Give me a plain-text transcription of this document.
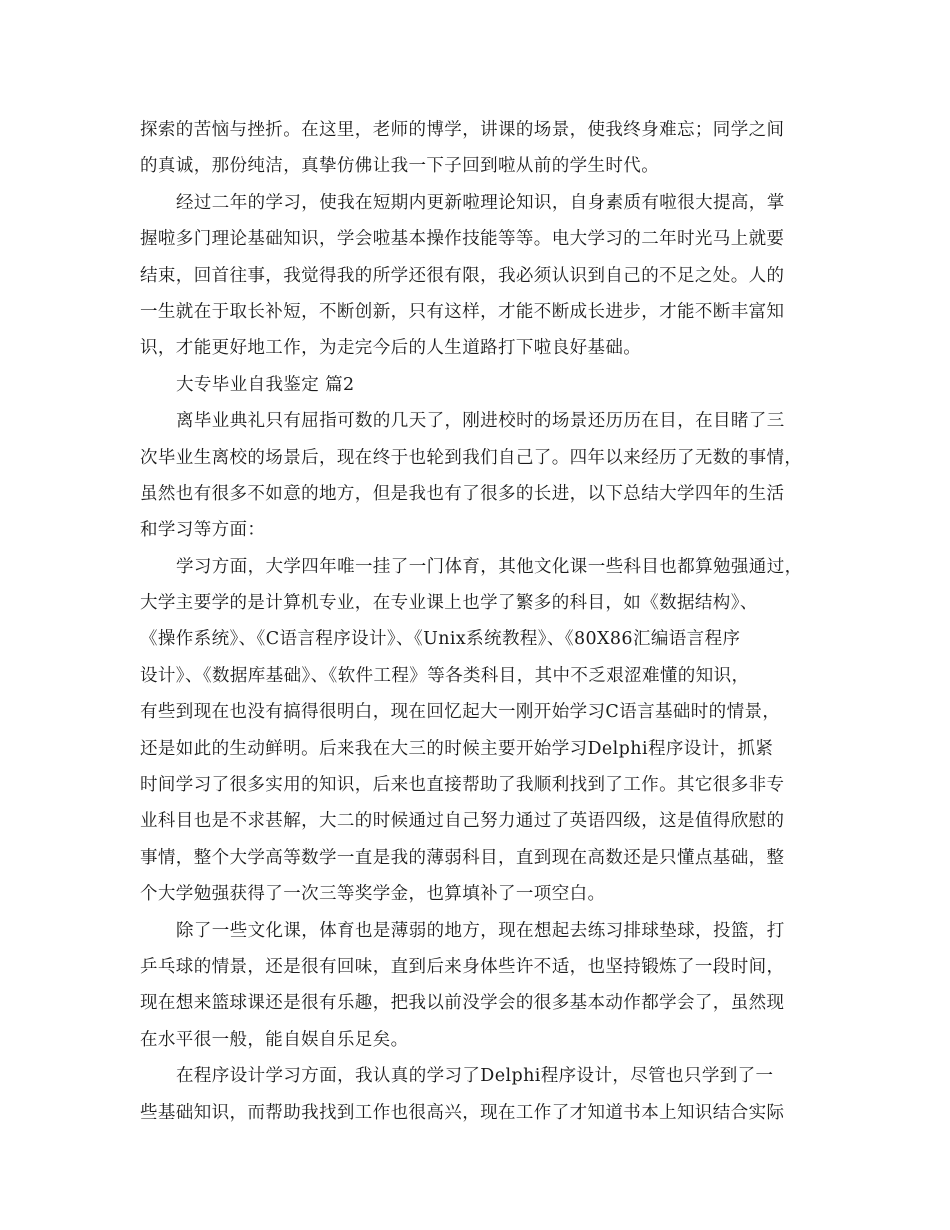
探索的苦恼与挫折。在这里，老师的博学，讲课的场景，使我终身难忘；同学之间
的真诚，那份纯洁，真挚仿佛让我一下子回到啦从前的学生时代。
经过二年的学习，使我在短期内更新啦理论知识，自身素质有啦很大提高，掌
握啦多门理论基础知识，学会啦基本操作技能等等。电大学习的二年时光马上就要
结束，回首往事，我觉得我的所学还很有限，我必须认识到自己的不足之处。人的
一生就在于取长补短，不断创新，只有这样，才能不断成长进步，才能不断丰富知
识，才能更好地工作，为走完今后的人生道路打下啦良好基础。
大专毕业自我鉴定 篇2
离毕业典礼只有屈指可数的几天了，刚进校时的场景还历历在目，在目睹了三
次毕业生离校的场景后，现在终于也轮到我们自己了。四年以来经历了无数的事情，
虽然也有很多不如意的地方，但是我也有了很多的长进，以下总结大学四年的生活
和学习等方面：
学习方面，大学四年唯一挂了一门体育，其他文化课一些科目也都算勉强通过，
大学主要学的是计算机专业，在专业课上也学了繁多的科目，如《数据结构》、
《操作系统》、《C语言程序设计》、《Unix系统教程》、《80X86汇编语言程序
设计》、《数据库基础》、《软件工程》等各类科目，其中不乏艰涩难懂的知识，
有些到现在也没有搞得很明白，现在回忆起大一刚开始学习C语言基础时的情景，
还是如此的生动鲜明。后来我在大三的时候主要开始学习Delphi程序设计，抓紧
时间学习了很多实用的知识，后来也直接帮助了我顺利找到了工作。其它很多非专
业科目也是不求甚解，大二的时候通过自己努力通过了英语四级，这是值得欣慰的
事情，整个大学高等数学一直是我的薄弱科目，直到现在高数还是只懂点基础，整
个大学勉强获得了一次三等奖学金，也算填补了一项空白。
除了一些文化课，体育也是薄弱的地方，现在想起去练习排球垫球，投篮，打
乒乓球的情景，还是很有回味，直到后来身体些许不适，也坚持锻炼了一段时间，
现在想来篮球课还是很有乐趣，把我以前没学会的很多基本动作都学会了，虽然现
在水平很一般，能自娱自乐足矣。
在程序设计学习方面，我认真的学习了Delphi程序设计，尽管也只学到了一
些基础知识，而帮助我找到工作也很高兴，现在工作了才知道书本上知识结合实际
